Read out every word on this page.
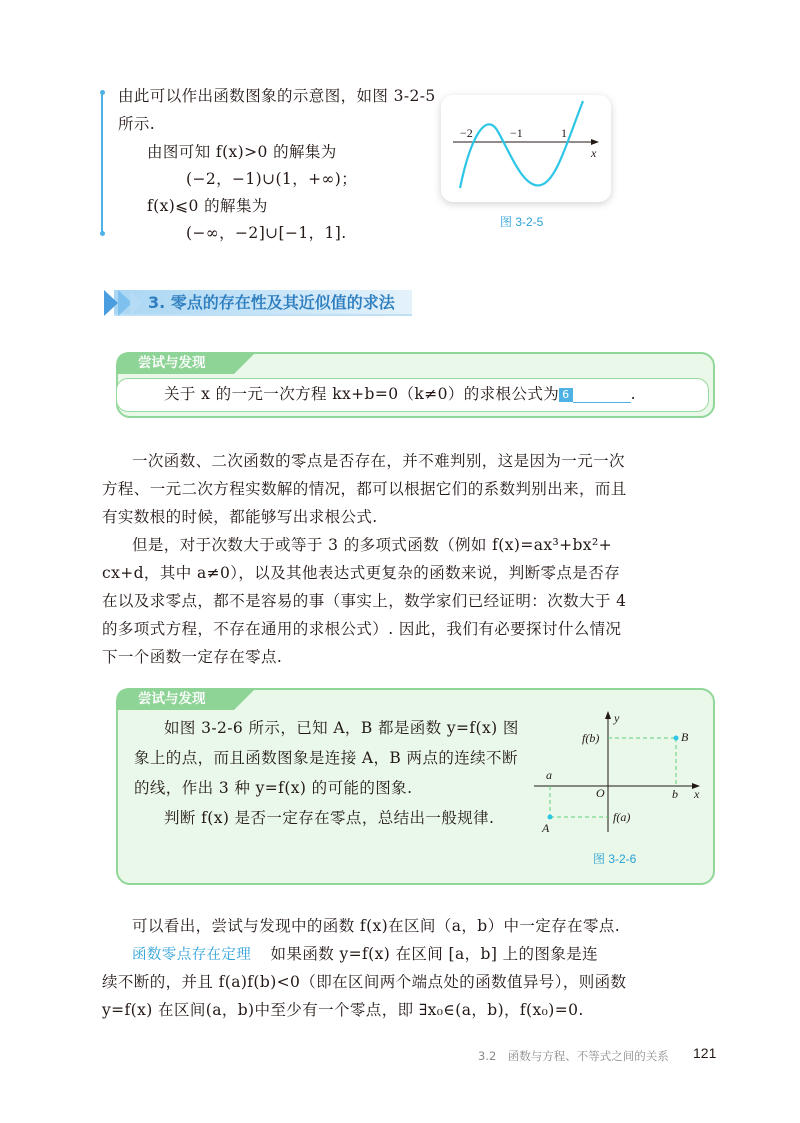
由此可以作出函数图象的示意图，如图 3-2-5
所示.
由图可知 f(x)>0 的解集为
(−2，−1)∪(1，+∞)；
f(x)⩽0 的解集为
(−∞，−2]∪[−1，1].
−2	−1	1
x
图 3-2-5
3. 零点的存在性及其近似值的求法
尝试与发现
关于 x 的一元一次方程 kx+b=0（k≠0）的求根公式为 6	.
一次函数、二次函数的零点是否存在，并不难判别，这是因为一元一次
方程、一元二次方程实数解的情况，都可以根据它们的系数判别出来，而且
有实数根的时候，都能够写出求根公式.
但是，对于次数大于或等于 3 的多项式函数（例如 f(x)=ax³+bx²+
cx+d，其中 a≠0），以及其他表达式更复杂的函数来说，判断零点是否存
在以及求零点，都不是容易的事（事实上，数学家们已经证明：次数大于 4
的多项式方程，不存在通用的求根公式）. 因此，我们有必要探讨什么情况
下一个函数一定存在零点.
尝试与发现
如图 3-2-6 所示，已知 A，B 都是函数 y=f(x) 图
象上的点，而且函数图象是连接 A，B 两点的连续不断
的线，作出 3 种 y=f(x) 的可能的图象.
判断 f(x) 是否一定存在零点，总结出一般规律.
y
x
O
f(b)
f(a)
a
b
A
B
图 3-2-6
可以看出，尝试与发现中的函数 f(x)在区间（a，b）中一定存在零点.
函数零点存在定理 如果函数 y=f(x) 在区间 [a，b] 上的图象是连
续不断的，并且 f(a)f(b)<0（即在区间两个端点处的函数值异号），则函数
y=f(x) 在区间(a，b)中至少有一个零点，即 ∃x₀∈(a，b)，f(x₀)=0.
3.2　函数与方程、不等式之间的关系 121
